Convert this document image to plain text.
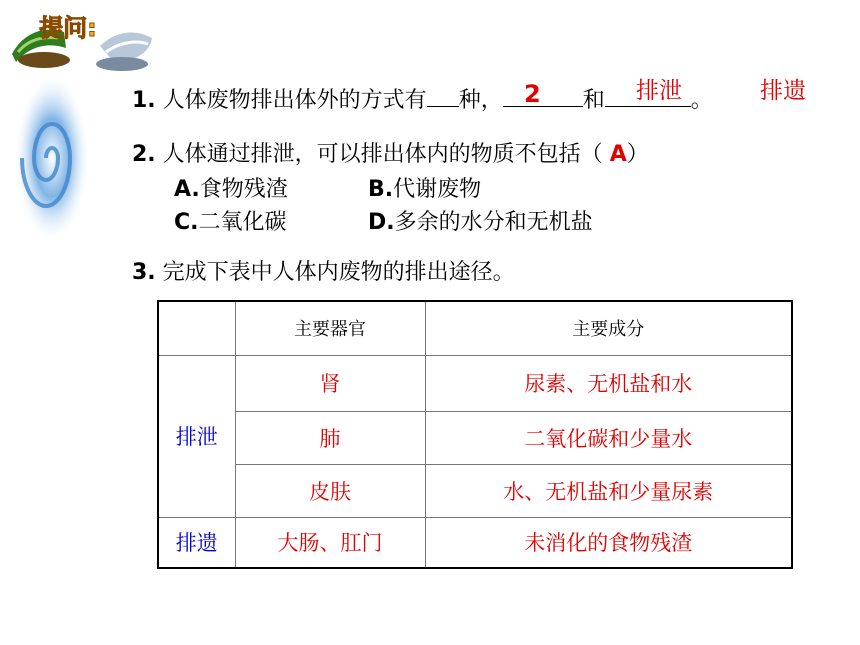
提问:
1. 人体废物排出体外的方式有 种，	和	。
2	排泄	排遗
2. 人体通过排泄，可以排出体内的物质不包括（ A）
A.食物残渣	B.代谢废物
C.二氧化碳	D.多余的水分和无机盐
3. 完成下表中人体内废物的排出途径。
	主要器官	主要成分
排泄	肾	尿素、无机盐和水
	肺	二氧化碳和少量水
	皮肤	水、无机盐和少量尿素
排遗	大肠、肛门	未消化的食物残渣
